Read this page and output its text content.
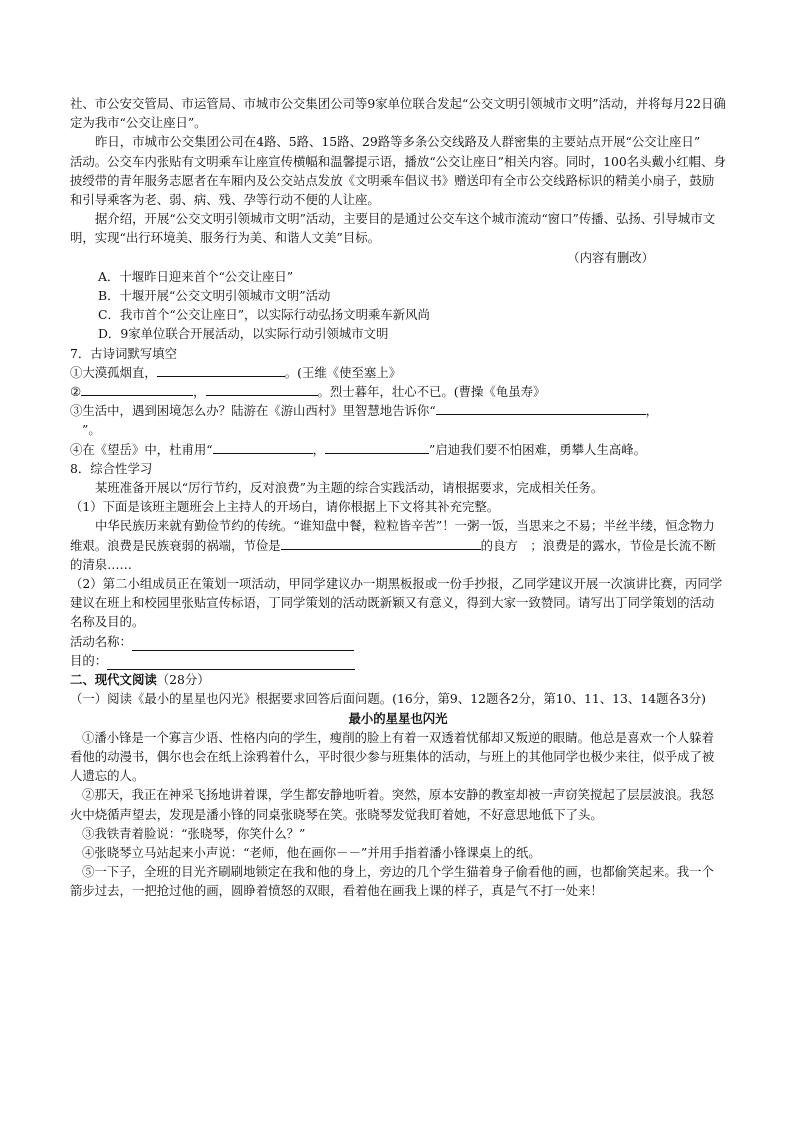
社、市公安交管局、市运管局、市城市公交集团公司等9家单位联合发起“公交文明引领城市文明”活动，并将每月22日确定为我市“公交让座日”。

昨日，市城市公交集团公司在4路、5路、15路、29路等多条公交线路及人群密集的主要站点开展“公交让座日”　 活动。公交车内张贴有文明乘车让座宣传横幅和温馨提示语，播放“公交让座日”相关内容。同时，100名头戴小红帽、身披绶带的青年服务志愿者在车厢内及公交站点发放《文明乘车倡议书》赠送印有全市公交线路标识的精美小扇子，鼓励和引导乘客为老、弱、病、残、孕等行动不便的人让座。

据介绍，开展“公交文明引领城市文明”活动，主要目的是通过公交车这个城市流动“窗口”传播、弘扬、引导城市文明，实现“出行环境美、服务行为美、和谐人文美”目标。

（内容有删改）

A．十堰昨日迎来首个“公交让座日”

B．十堰开展“公交文明引领城市文明”活动

C．我市首个“公交让座日”，以实际行动弘扬文明乘车新风尚

D．9家单位联合开展活动，以实际行动引领城市文明

7．古诗词默写填空

①大漠孤烟直，	。(王维《使至塞上》

②	，	。烈士暮年，壮心不已。(曹操《龟虽寿》

③生活中，遇到困境怎么办？陆游在《游山西村》里智慧地告诉你“	，

”。

④在《望岳》中，杜甫用“	，	”启迪我们要不怕困难，勇攀人生高峰。

8．综合性学习

某班准备开展以“厉行节约，反对浪费”为主题的综合实践活动，请根据要求，完成相关任务。

（1）下面是该班主题班会上主持人的开场白，请你根据上下文将其补充完整。

中华民族历来就有勤俭节约的传统。“谁知盘中餐，粒粒皆辛苦”！一粥一饭，当思来之不易；半丝半缕，恒念物力维艰。浪费是民族衰弱的祸端，节俭是	的良方　；浪费是的露水，节俭是长流不断的清泉……

（2）第二小组成员正在策划一项活动，甲同学建议办一期黑板报或一份手抄报，乙同学建议开展一次演讲比赛，丙同学建议在班上和校园里张贴宣传标语，丁同学策划的活动既新颖又有意义，得到大家一致赞同。请写出丁同学策划的活动名称及目的。

活动名称：
目的：

二、现代文阅读（28分）

（一）阅读《最小的星星也闪光》根据要求回答后面问题。(16分，第9、12题各2分，第10、11、13、14题各3分)

最小的星星也闪光

①潘小锋是一个寡言少语、性格内向的学生，瘦削的脸上有着一双透着忧郁却又叛逆的眼睛。他总是喜欢一个人躲着看他的动漫书，偶尔也会在纸上涂鸦着什么，平时很少参与班集体的活动，与班上的其他同学也极少来往，似乎成了被人遗忘的人。

②那天，我正在神采飞扬地讲着课，学生都安静地听着。突然，原本安静的教室却被一声窃笑搅起了层层波浪。我怒火中烧循声望去，发现是潘小锋的同桌张晓琴在笑。张晓琴发觉我盯着她，不好意思地低下了头。

③我铁青着脸说：“张晓琴，你笑什么？”

④张晓琴立马站起来小声说：“老师，他在画你－－”并用手指着潘小锋课桌上的纸。

⑤一下子，全班的目光齐刷刷地锁定在我和他的身上，旁边的几个学生猫着身子偷看他的画，也都偷笑起来。我一个箭步过去，一把抢过他的画，圆睁着愤怒的双眼，看着他在画我上课的样子，真是气不打一处来！
